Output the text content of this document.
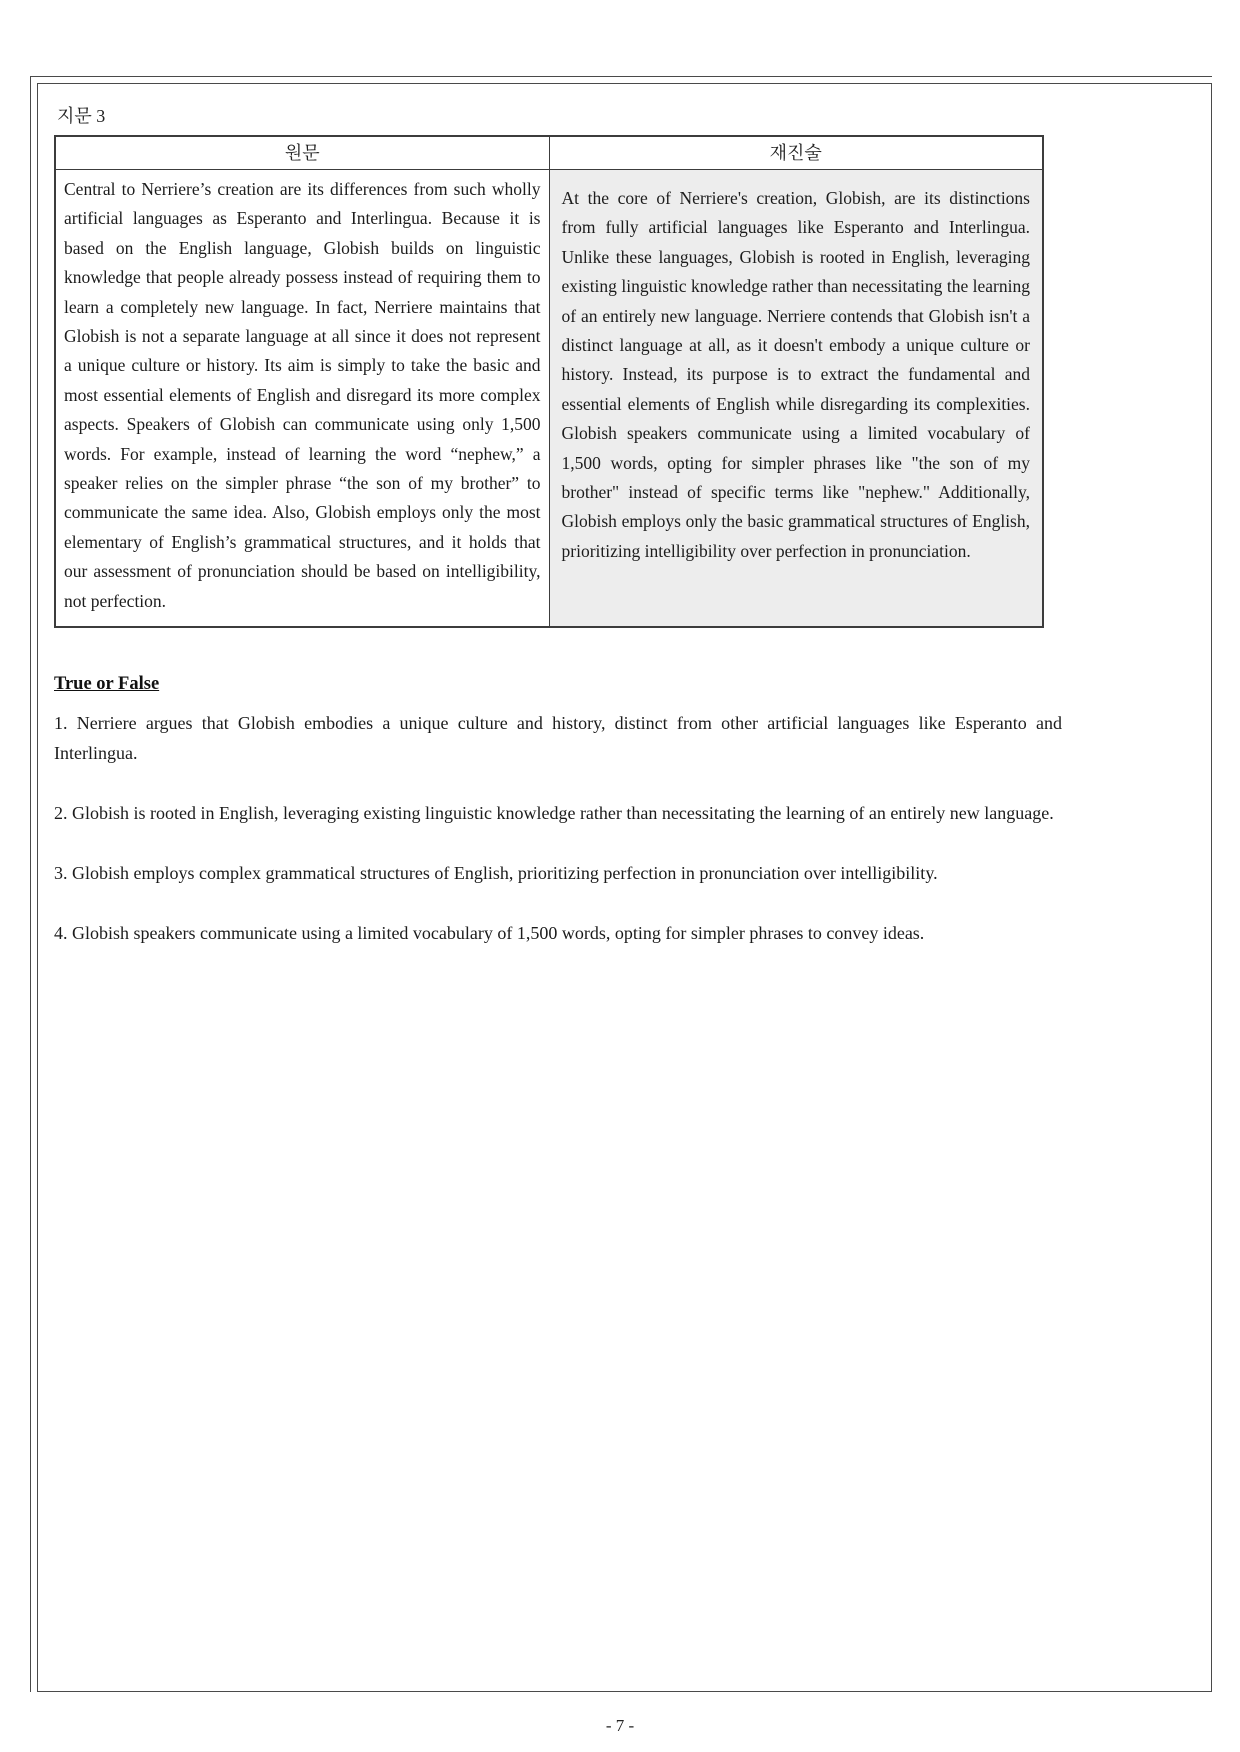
지문 3
원문	재진술
Central to Nerriere’s creation are its differences from such wholly artificial languages as Esperanto and Interlingua. Because it is based on the English language, Globish builds on linguistic knowledge that people already possess instead of requiring them to learn a completely new language. In fact, Nerriere maintains that Globish is not a separate language at all since it does not represent a unique culture or history. Its aim is simply to take the basic and most essential elements of English and disregard its more complex aspects. Speakers of Globish can communicate using only 1,500 words. For example, instead of learning the word “nephew,” a speaker relies on the simpler phrase “the son of my brother” to communicate the same idea. Also, Globish employs only the most elementary of English’s grammatical structures, and it holds that our assessment of pronunciation should be based on intelligibility, not perfection.	At the core of Nerriere's creation, Globish, are its distinctions from fully artificial languages like Esperanto and Interlingua. Unlike these languages, Globish is rooted in English, leveraging existing linguistic knowledge rather than necessitating the learning of an entirely new language. Nerriere contends that Globish isn't a distinct language at all, as it doesn't embody a unique culture or history. Instead, its purpose is to extract the fundamental and essential elements of English while disregarding its complexities. Globish speakers communicate using a limited vocabulary of 1,500 words, opting for simpler phrases like "the son of my brother" instead of specific terms like "nephew." Additionally, Globish employs only the basic grammatical structures of English, prioritizing intelligibility over perfection in pronunciation.
True or False

1. Nerriere argues that Globish embodies a unique culture and history, distinct from other artificial languages like Esperanto and Interlingua.

2. Globish is rooted in English, leveraging existing linguistic knowledge rather than necessitating the learning of an entirely new language.

3. Globish employs complex grammatical structures of English, prioritizing perfection in pronunciation over intelligibility.

4. Globish speakers communicate using a limited vocabulary of 1,500 words, opting for simpler phrases to convey ideas.

- 7 -
